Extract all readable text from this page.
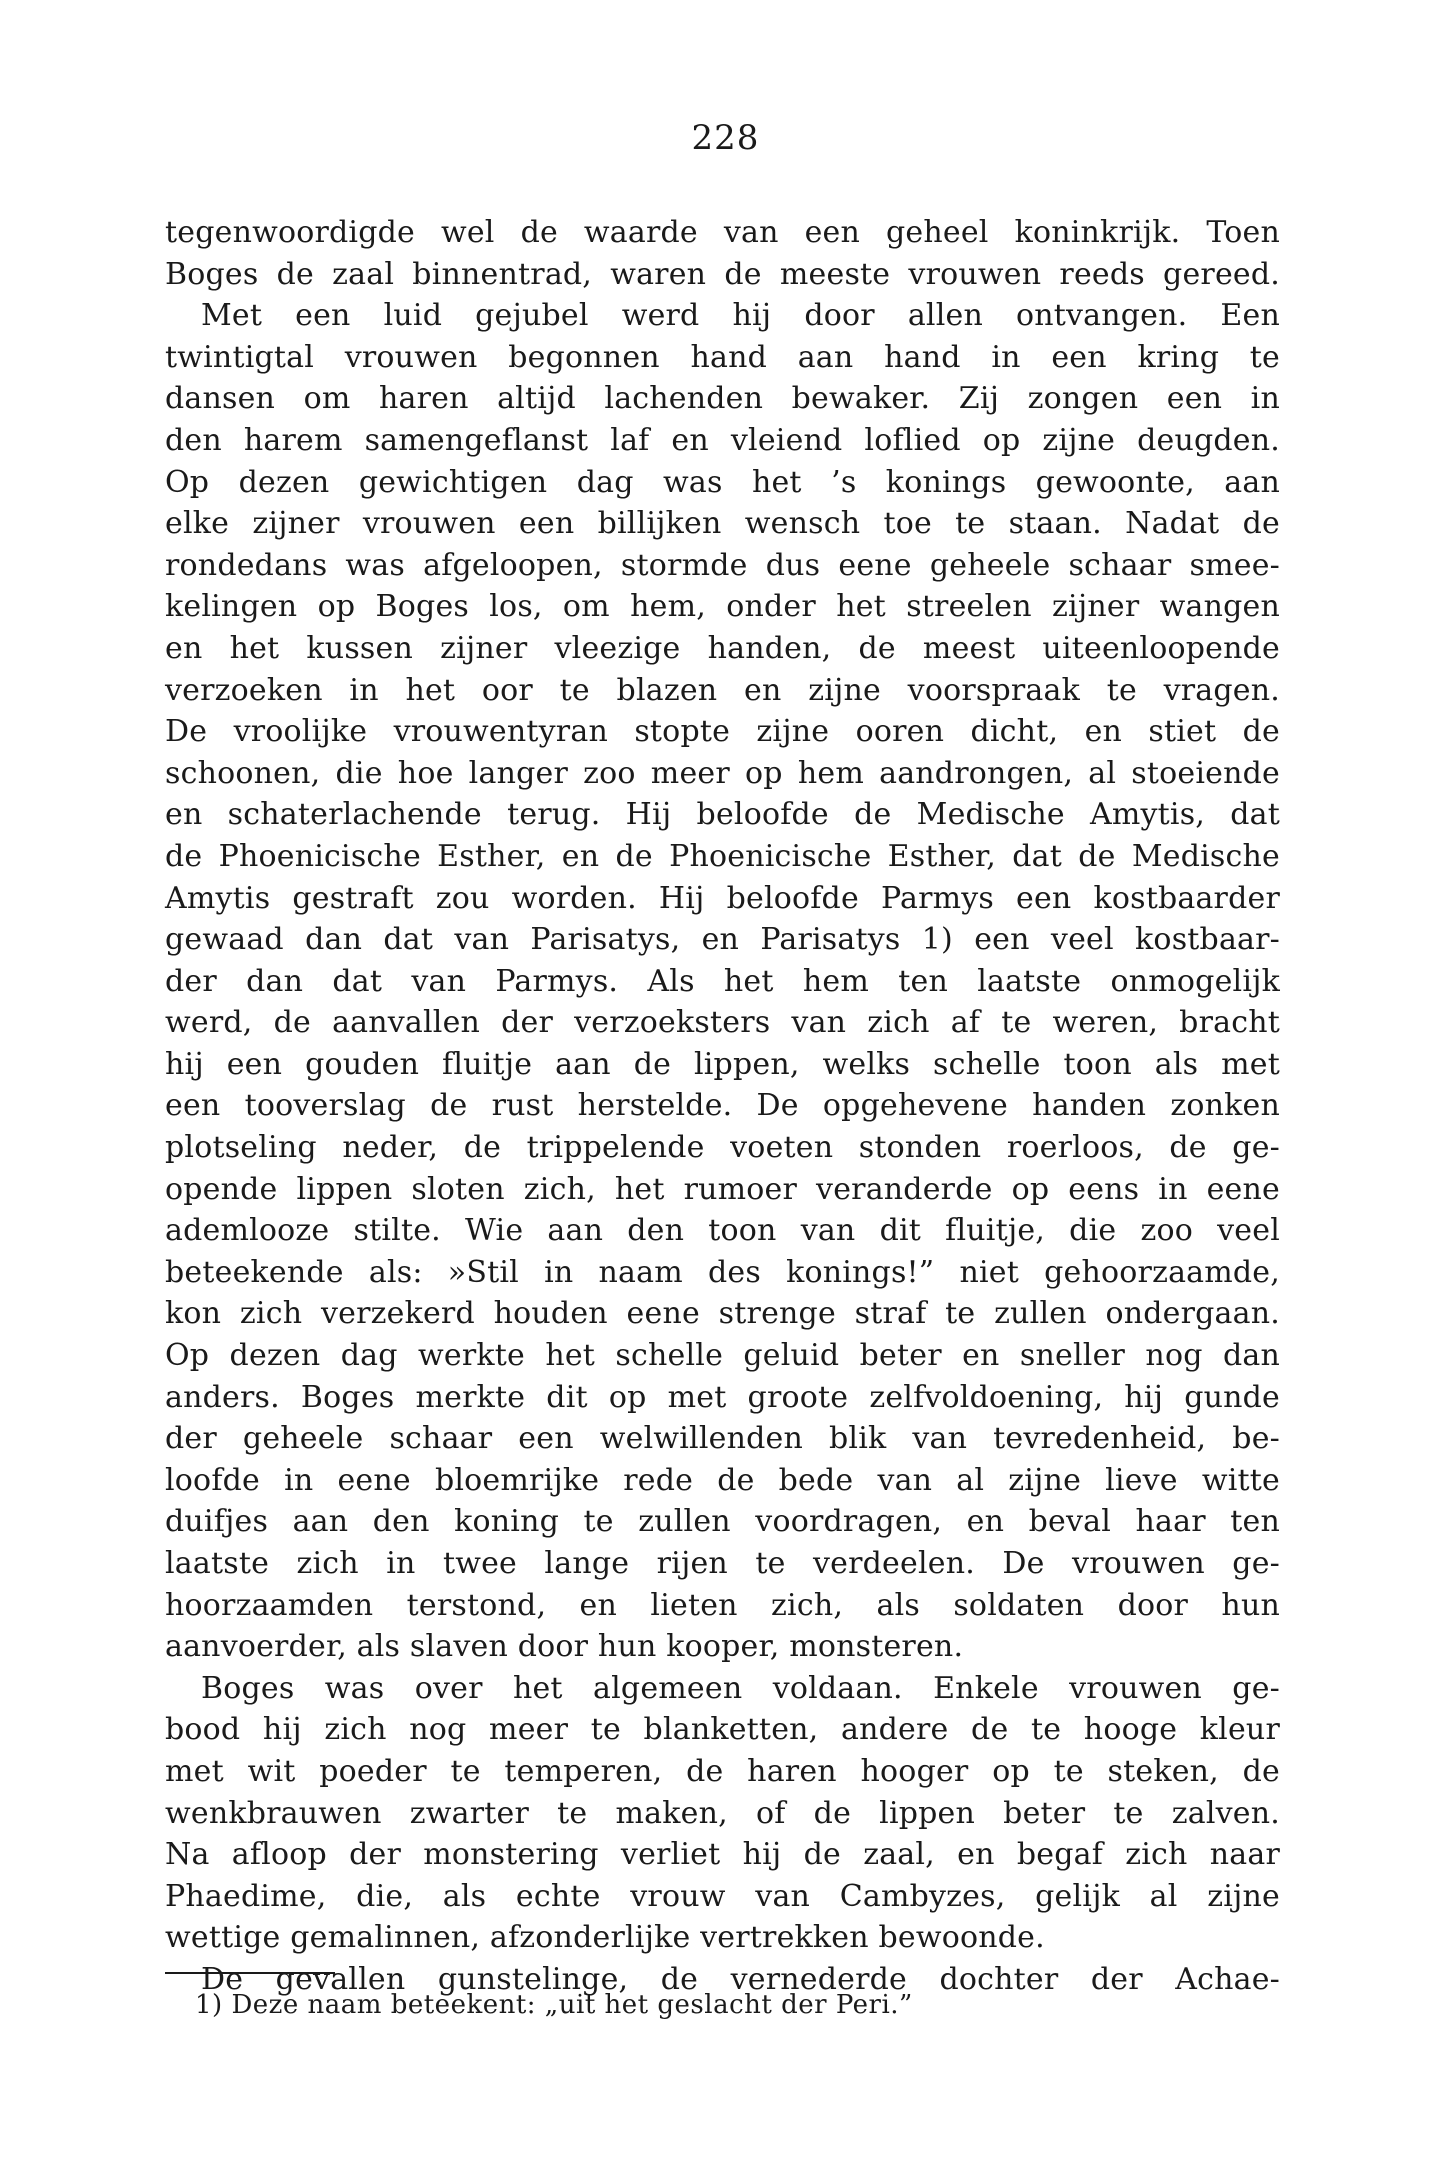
228
tegenwoordigde wel de waarde van een geheel koninkrijk. Toen
Boges de zaal binnentrad, waren de meeste vrouwen reeds gereed.
Met een luid gejubel werd hij door allen ontvangen. Een
twintigtal vrouwen begonnen hand aan hand in een kring te
dansen om haren altijd lachenden bewaker. Zij zongen een in
den harem samengeflanst laf en vleiend loflied op zijne deugden.
Op dezen gewichtigen dag was het ’s konings gewoonte, aan
elke zijner vrouwen een billijken wensch toe te staan. Nadat de
rondedans was afgeloopen, stormde dus eene geheele schaar smee-
kelingen op Boges los, om hem, onder het streelen zijner wangen
en het kussen zijner vleezige handen, de meest uiteenloopende
verzoeken in het oor te blazen en zijne voorspraak te vragen.
De vroolijke vrouwentyran stopte zijne ooren dicht, en stiet de
schoonen, die hoe langer zoo meer op hem aandrongen, al stoeiende
en schaterlachende terug. Hij beloofde de Medische Amytis, dat
de Phoenicische Esther, en de Phoenicische Esther, dat de Medische
Amytis gestraft zou worden. Hij beloofde Parmys een kostbaarder
gewaad dan dat van Parisatys, en Parisatys 1) een veel kostbaar-
der dan dat van Parmys. Als het hem ten laatste onmogelijk
werd, de aanvallen der verzoeksters van zich af te weren, bracht
hij een gouden fluitje aan de lippen, welks schelle toon als met
een tooverslag de rust herstelde. De opgehevene handen zonken
plotseling neder, de trippelende voeten stonden roerloos, de ge-
opende lippen sloten zich, het rumoer veranderde op eens in eene
ademlooze stilte. Wie aan den toon van dit fluitje, die zoo veel
beteekende als: »Stil in naam des konings!” niet gehoorzaamde,
kon zich verzekerd houden eene strenge straf te zullen ondergaan.
Op dezen dag werkte het schelle geluid beter en sneller nog dan
anders. Boges merkte dit op met groote zelfvoldoening, hij gunde
der geheele schaar een welwillenden blik van tevredenheid, be-
loofde in eene bloemrijke rede de bede van al zijne lieve witte
duifjes aan den koning te zullen voordragen, en beval haar ten
laatste zich in twee lange rijen te verdeelen. De vrouwen ge-
hoorzaamden terstond, en lieten zich, als soldaten door hun
aanvoerder, als slaven door hun kooper, monsteren.
Boges was over het algemeen voldaan. Enkele vrouwen ge-
bood hij zich nog meer te blanketten, andere de te hooge kleur
met wit poeder te temperen, de haren hooger op te steken, de
wenkbrauwen zwarter te maken, of de lippen beter te zalven.
Na afloop der monstering verliet hij de zaal, en begaf zich naar
Phaedime, die, als echte vrouw van Cambyzes, gelijk al zijne
wettige gemalinnen, afzonderlijke vertrekken bewoonde.
De gevallen gunstelinge, de vernederde dochter der Achae-
1) Deze naam beteekent: „uit het geslacht der Peri.”
